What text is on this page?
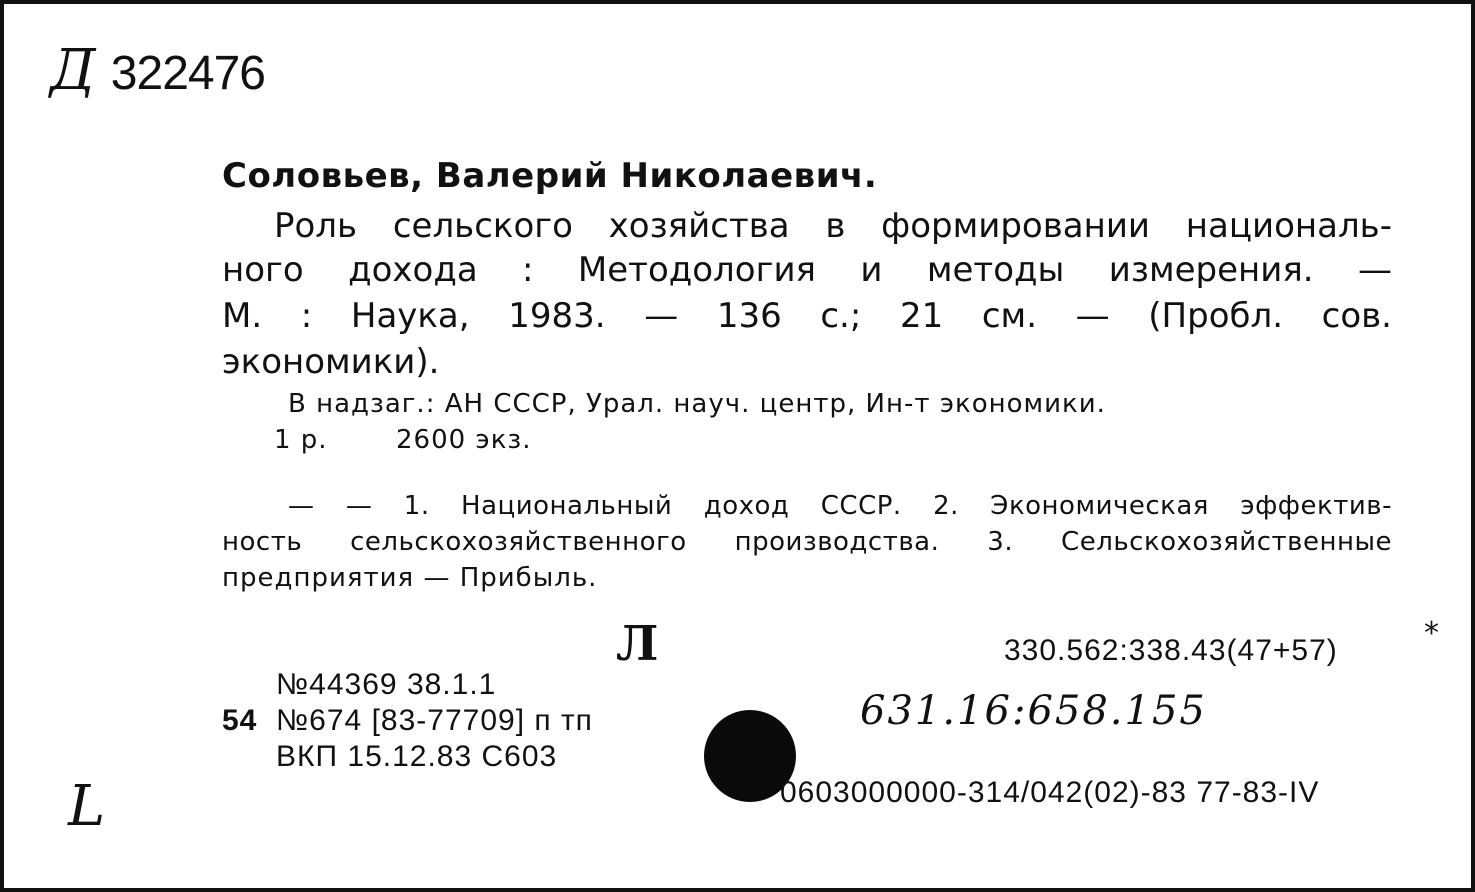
Д 322476
Соловьев, Валерий Николаевич.
Роль сельского хозяйства в формировании националь-
ного дохода : Методология и методы измерения. —
М. : Наука, 1983. — 136 с.; 21 см. — (Пробл. сов.
экономики).
В надзаг.: АН СССР, Урал. науч. центр, Ин-т экономики.
1 р.	2600 экз.
— — 1. Национальный доход СССР. 2. Экономическая эффектив-
ность сельскохозяйственного производства. 3. Сельскохозяйственные
предприятия — Прибыль.
Л	330.562:338.43(47+57)	*
№44369 38.1.1
54 №674 [83-77709] п тп
ВКП 15.12.83 С603
631.16:658.155
0603000000-314/042(02)-83 77-83-IV
L
